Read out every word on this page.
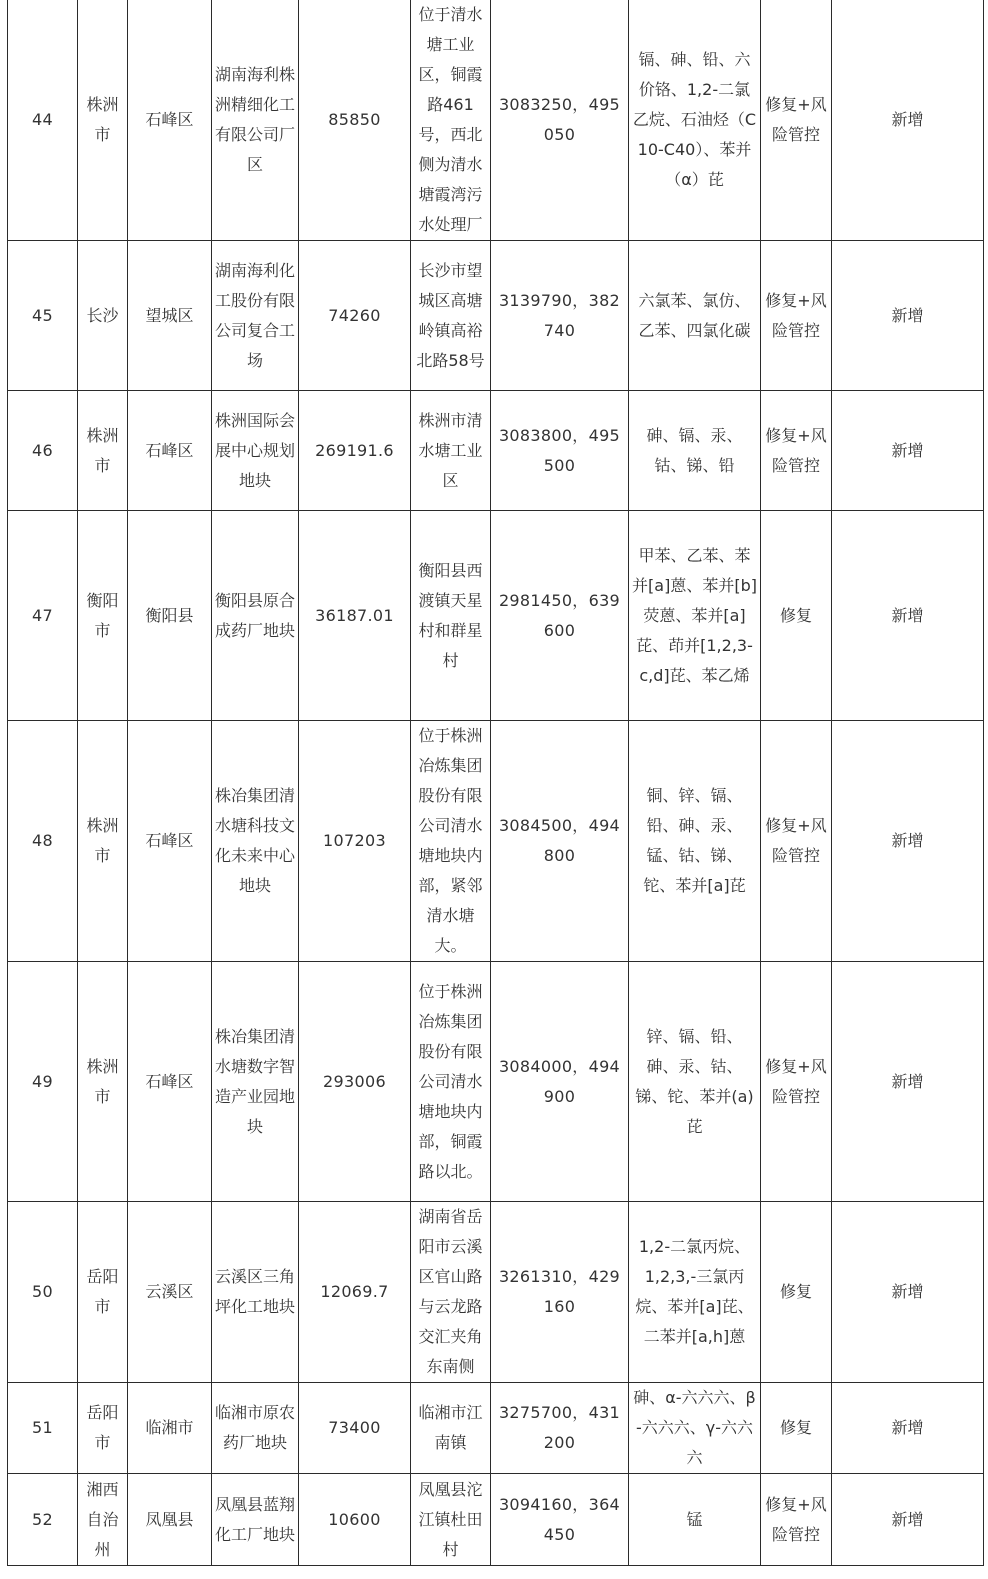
44	株洲市	石峰区	湖南海利株洲精细化工有限公司厂区	85850	位于清水塘工业区，铜霞路461号，西北侧为清水塘霞湾污水处理厂	3083250，495050	镉、砷、铅、六价铬、1,2-二氯乙烷、石油烃（C10-C40）、苯并（α）芘	修复+风险管控	新增
45	长沙	望城区	湖南海利化工股份有限公司复合工场	74260	长沙市望城区高塘岭镇高裕北路58号	3139790，382740	六氯苯、氯仿、乙苯、四氯化碳	修复+风险管控	新增
46	株洲市	石峰区	株洲国际会展中心规划地块	269191.6	株洲市清水塘工业区	3083800，495500	砷、镉、汞、钴、锑、铅	修复+风险管控	新增
47	衡阳市	衡阳县	衡阳县原合成药厂地块	36187.01	衡阳县西渡镇天星村和群星村	2981450，639600	甲苯、乙苯、苯并[a]蒽、苯并[b]荧蒽、苯并[a]芘、茚并[1,2,3-c,d]芘、苯乙烯	修复	新增
48	株洲市	石峰区	株冶集团清水塘科技文化未来中心地块	107203	位于株洲冶炼集团股份有限公司清水塘地块内部，紧邻清水塘大。	3084500，494800	铜、锌、镉、铅、砷、汞、锰、钴、锑、铊、苯并[a]芘	修复+风险管控	新增
49	株洲市	石峰区	株冶集团清水塘数字智造产业园地块	293006	位于株洲冶炼集团股份有限公司清水塘地块内部，铜霞路以北。	3084000，494900	锌、镉、铅、砷、汞、钴、锑、铊、苯并(a)芘	修复+风险管控	新增
50	岳阳市	云溪区	云溪区三角坪化工地块	12069.7	湖南省岳阳市云溪区官山路与云龙路交汇夹角东南侧	3261310，429160	1,2-二氯丙烷、1,2,3,-三氯丙烷、苯并[a]芘、二苯并[a,h]蒽	修复	新增
51	岳阳市	临湘市	临湘市原农药厂地块	73400	临湘市江南镇	3275700，431200	砷、α-六六六、β-六六六、γ-六六六	修复	新增
52	湘西自治州	凤凰县	凤凰县蓝翔化工厂地块	10600	凤凰县沱江镇杜田村	3094160，364450	锰	修复+风险管控	新增
